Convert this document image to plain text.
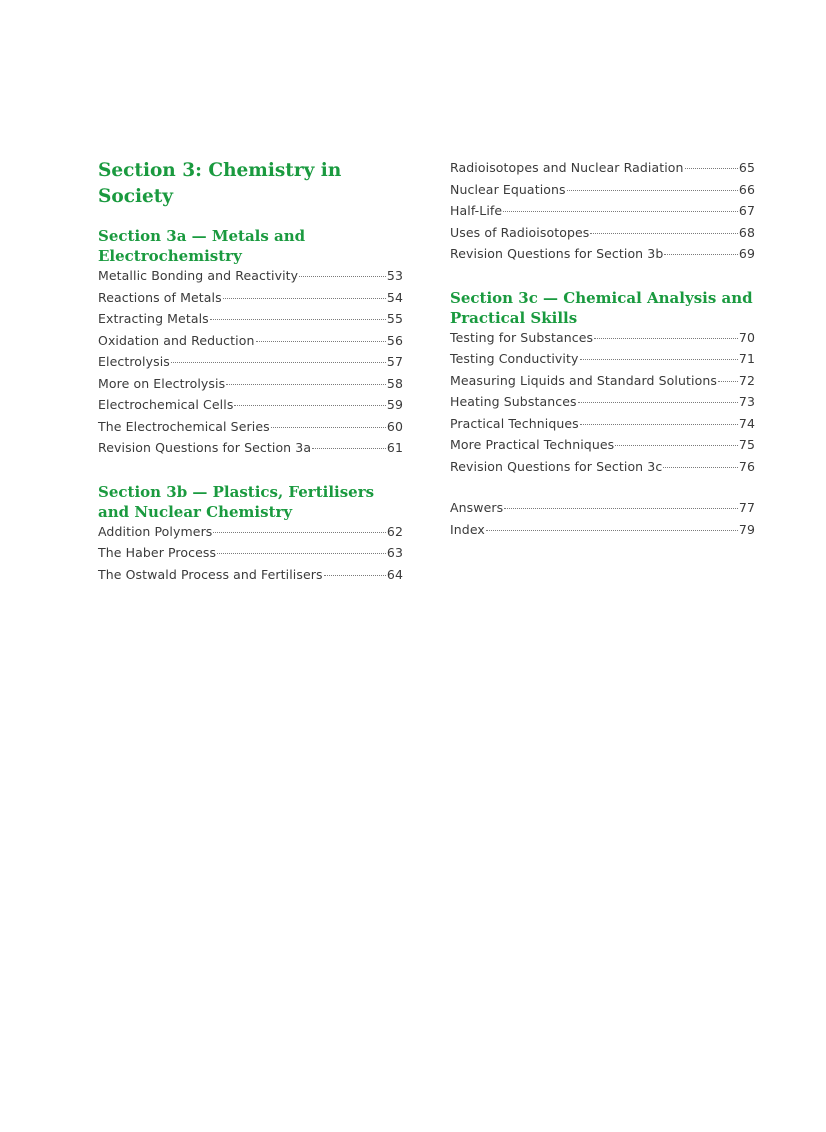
Section 3: Chemistry in Society
Section 3a — Metals and Electrochemistry
Metallic Bonding and Reactivity	53
Reactions of Metals	54
Extracting Metals	55
Oxidation and Reduction	56
Electrolysis	57
More on Electrolysis	58
Electrochemical Cells	59
The Electrochemical Series	60
Revision Questions for Section 3a	61
Section 3b — Plastics, Fertilisers and Nuclear Chemistry
Addition Polymers	62
The Haber Process	63
The Ostwald Process and Fertilisers	64
Radioisotopes and Nuclear Radiation	65
Nuclear Equations	66
Half-Life	67
Uses of Radioisotopes	68
Revision Questions for Section 3b	69
Section 3c — Chemical Analysis and Practical Skills
Testing for Substances	70
Testing Conductivity	71
Measuring Liquids and Standard Solutions 72
Heating Substances	73
Practical Techniques	74
More Practical Techniques	75
Revision Questions for Section 3c	76
Answers	77
Index	79
